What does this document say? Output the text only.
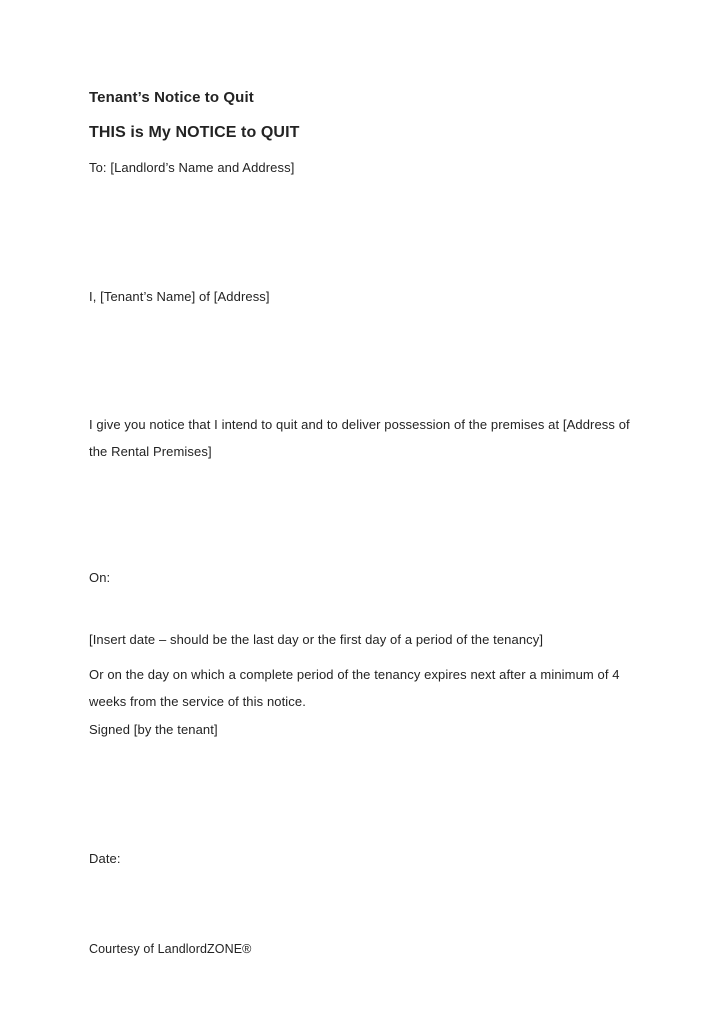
Tenant’s Notice to Quit
THIS is My NOTICE to QUIT
To: [Landlord’s Name and Address]
I, [Tenant’s Name] of [Address]
I give you notice that I intend to quit and to deliver possession of the premises at [Address of the Rental Premises]
On:
[Insert date – should be the last day or the first day of a period of the tenancy]
Or on the day on which a complete period of the tenancy expires next after a minimum of 4 weeks from the service of this notice.
Signed [by the tenant]
Date:
Courtesy of LandlordZONE®
